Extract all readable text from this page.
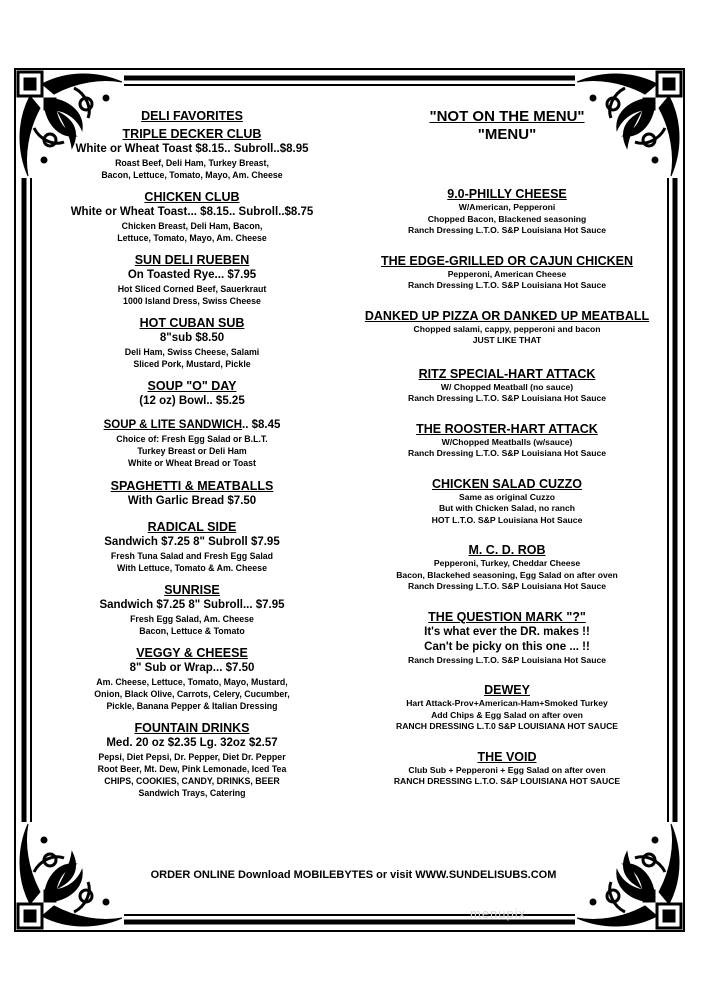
DELI FAVORITES
TRIPLE DECKER CLUB
White or Wheat Toast $8.15.. Subroll..$8.95
Roast Beef, Deli Ham, Turkey Breast,
Bacon, Lettuce, Tomato, Mayo, Am. Cheese
CHICKEN CLUB
White or Wheat Toast... $8.15.. Subroll..$8.75
Chicken Breast, Deli Ham, Bacon,
Lettuce, Tomato, Mayo, Am. Cheese
SUN DELI RUEBEN
On Toasted Rye... $7.95
Hot Sliced Corned Beef, Sauerkraut
1000 Island Dress, Swiss Cheese
HOT CUBAN SUB
8"sub $8.50
Deli Ham, Swiss Cheese, Salami
Sliced Pork, Mustard, Pickle
SOUP "O" DAY
(12 oz) Bowl.. $5.25
SOUP & LITE SANDWICH.. $8.45
Choice of: Fresh Egg Salad or B.L.T.
Turkey Breast or Deli Ham
White or Wheat Bread or Toast
SPAGHETTI & MEATBALLS
With Garlic Bread $7.50
RADICAL SIDE
Sandwich $7.25 8" Subroll $7.95
Fresh Tuna Salad and Fresh Egg Salad
With Lettuce, Tomato & Am. Cheese
SUNRISE
Sandwich $7.25 8" Subroll... $7.95
Fresh Egg Salad, Am. Cheese
Bacon, Lettuce & Tomato
VEGGY & CHEESE
8" Sub or Wrap... $7.50
Am. Cheese, Lettuce, Tomato, Mayo, Mustard,
Onion, Black Olive, Carrots, Celery, Cucumber,
Pickle, Banana Pepper & Italian Dressing
FOUNTAIN DRINKS
Med. 20 oz $2.35 Lg. 32oz $2.57
Pepsi, Diet Pepsi, Dr. Pepper, Diet Dr. Pepper
Root Beer, Mt. Dew, Pink Lemonade, Iced Tea
CHIPS, COOKIES, CANDY, DRINKS, BEER
Sandwich Trays, Catering
"NOT ON THE MENU"
"MENU"
9.0-PHILLY CHEESE
W/American, Pepperoni
Chopped Bacon, Blackened seasoning
Ranch Dressing L.T.O. S&P Louisiana Hot Sauce
THE EDGE-GRILLED OR CAJUN CHICKEN
Pepperoni, American Cheese
Ranch Dressing L.T.O. S&P Louisiana Hot Sauce
DANKED UP PIZZA OR DANKED UP MEATBALL
Chopped salami, cappy, pepperoni and bacon
JUST LIKE THAT
RITZ SPECIAL-HART ATTACK
W/ Chopped Meatball (no sauce)
Ranch Dressing L.T.O. S&P Louisiana Hot Sauce
THE ROOSTER-HART ATTACK
W/Chopped Meatballs (w/sauce)
Ranch Dressing L.T.O. S&P Louisiana Hot Sauce
CHICKEN SALAD CUZZO
Same as original Cuzzo
But with Chicken Salad, no ranch
HOT L.T.O. S&P Louisiana Hot Sauce
M. C. D. ROB
Pepperoni, Turkey, Cheddar Cheese
Bacon, Blackehed seasoning, Egg Salad on after oven
Ranch Dressing L.T.O. S&P Louisiana Hot Sauce
THE QUESTION MARK "?"
It's what ever the DR. makes !!
Can't be picky on this one ... !!
Ranch Dressing L.T.O. S&P Louisiana Hot Sauce
DEWEY
Hart Attack-Prov+American-Ham+Smoked Turkey
Add Chips & Egg Salad on after oven
RANCH DRESSING L.T.0 S&P LOUISIANA HOT SAUCE
THE VOID
Club Sub + Pepperoni + Egg Salad on after oven
RANCH DRESSING L.T.O. S&P LOUISIANA HOT SAUCE
ORDER ONLINE Download MOBILEBYTES or visit WWW.SUNDELISUBS.COM
menupix
